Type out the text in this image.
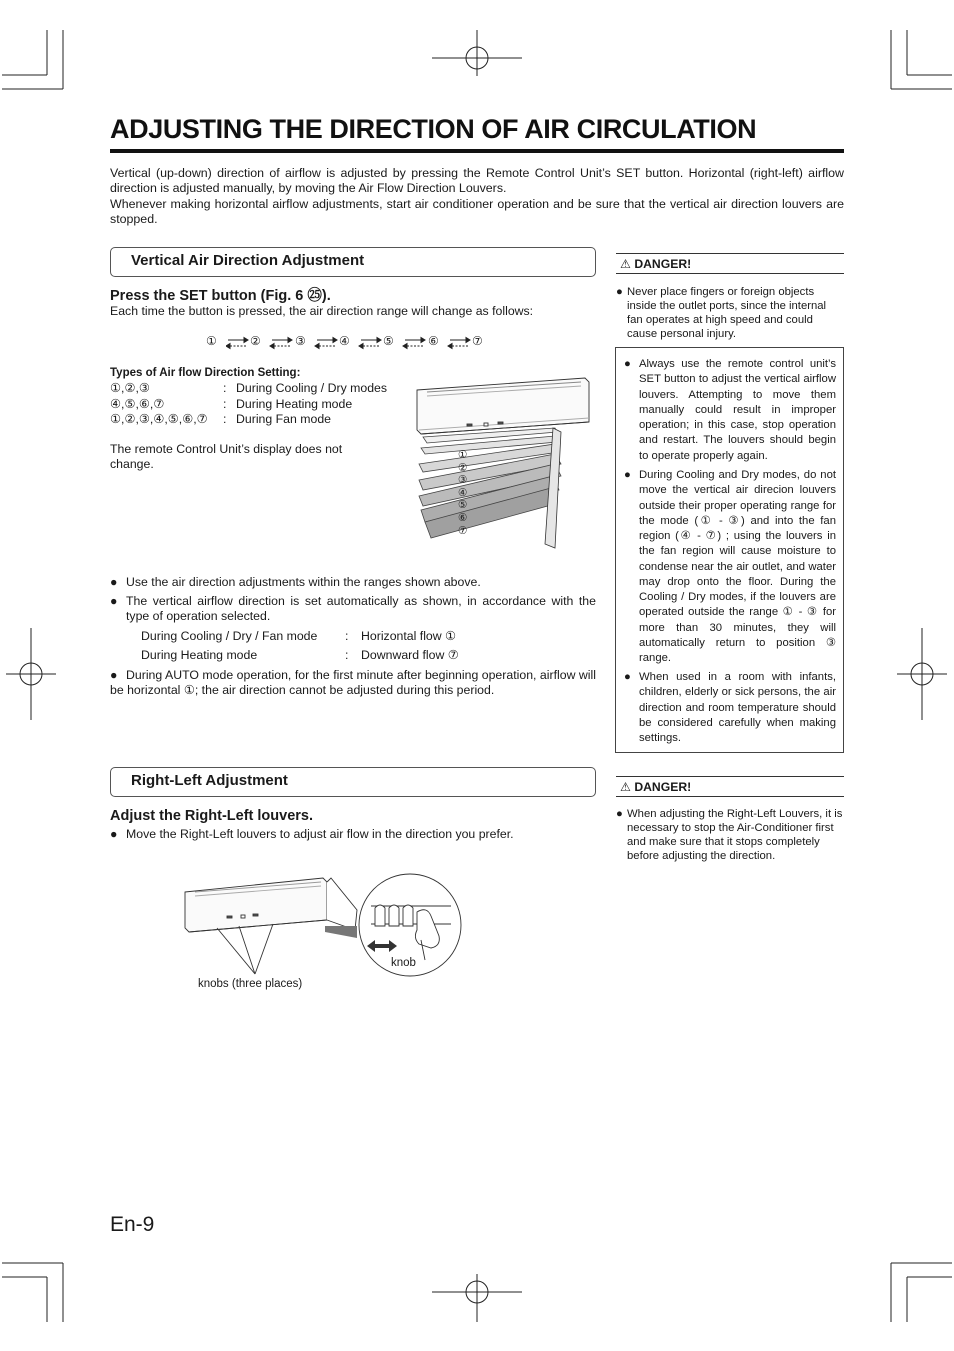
ADJUSTING THE DIRECTION OF AIR CIRCULATION

Vertical (up-down) direction of airflow is adjusted by pressing the Remote Control Unit’s SET button. Horizontal (right-left) airflow direction is adjusted manually, by moving the Air Flow Direction Louvers.

Whenever making horizontal airflow adjustments, start air conditioner operation and be sure that the vertical air direction louvers are stopped.

Vertical Air Direction Adjustment
Press the SET button (Fig. 6 ㉕).
Each time the button is pressed, the air direction range will change as follows:
①	②	③	④	⑤	⑥	⑦
Types of Air flow Direction Setting:
①,②,③	: During Cooling / Dry modes
④,⑤,⑥,⑦	: During Heating mode
①,②,③,④,⑤,⑥,⑦	: During Fan mode
The remote Control Unit’s display does not change.
①
②
③
④
⑤
⑥
⑦
● Use the air direction adjustments within the ranges shown above.
● The vertical airflow direction is set automatically as shown, in accordance with the type of operation selected.
During Cooling / Dry / Fan mode	:	Horizontal flow ①
During Heating mode	:	Downward flow ⑦
● During AUTO mode operation, for the first minute after beginning operation, airflow will be horizontal ①; the air direction cannot be adjusted during this period.
⚠ DANGER!
● Never place fingers or foreign objects inside the outlet ports, since the internal fan operates at high speed and could cause personal injury.
● Always use the remote control unit’s SET button to adjust the vertical airflow louvers. Attempting to move them manually could result in improper operation; in this case, stop operation and restart. The louvers should begin to operate properly again.
● During Cooling and Dry modes, do not move the vertical air direcion louvers outside their proper operating range for the mode (① - ③) and into the fan region (④ - ⑦) ; using the louvers in the fan region will cause moisture to condense near the air outlet, and water may drop onto the floor. During the Cooling / Dry modes, if the louvers are operated outside the range ① - ③ for more than 30 minutes, they will automatically return to position ③ range.
● When used in a room with infants, children, elderly or sick persons, the air direction and room temperature should be considered carefully when making settings.
Right-Left Adjustment
Adjust the Right-Left louvers.
● Move the Right-Left louvers to adjust air flow in the direction you prefer.
knobs (three places)
knob
⚠ DANGER!
● When adjusting the Right-Left Louvers, it is necessary to stop the Air-Conditioner first and make sure that it stops completely before adjusting the direction.
En-9
